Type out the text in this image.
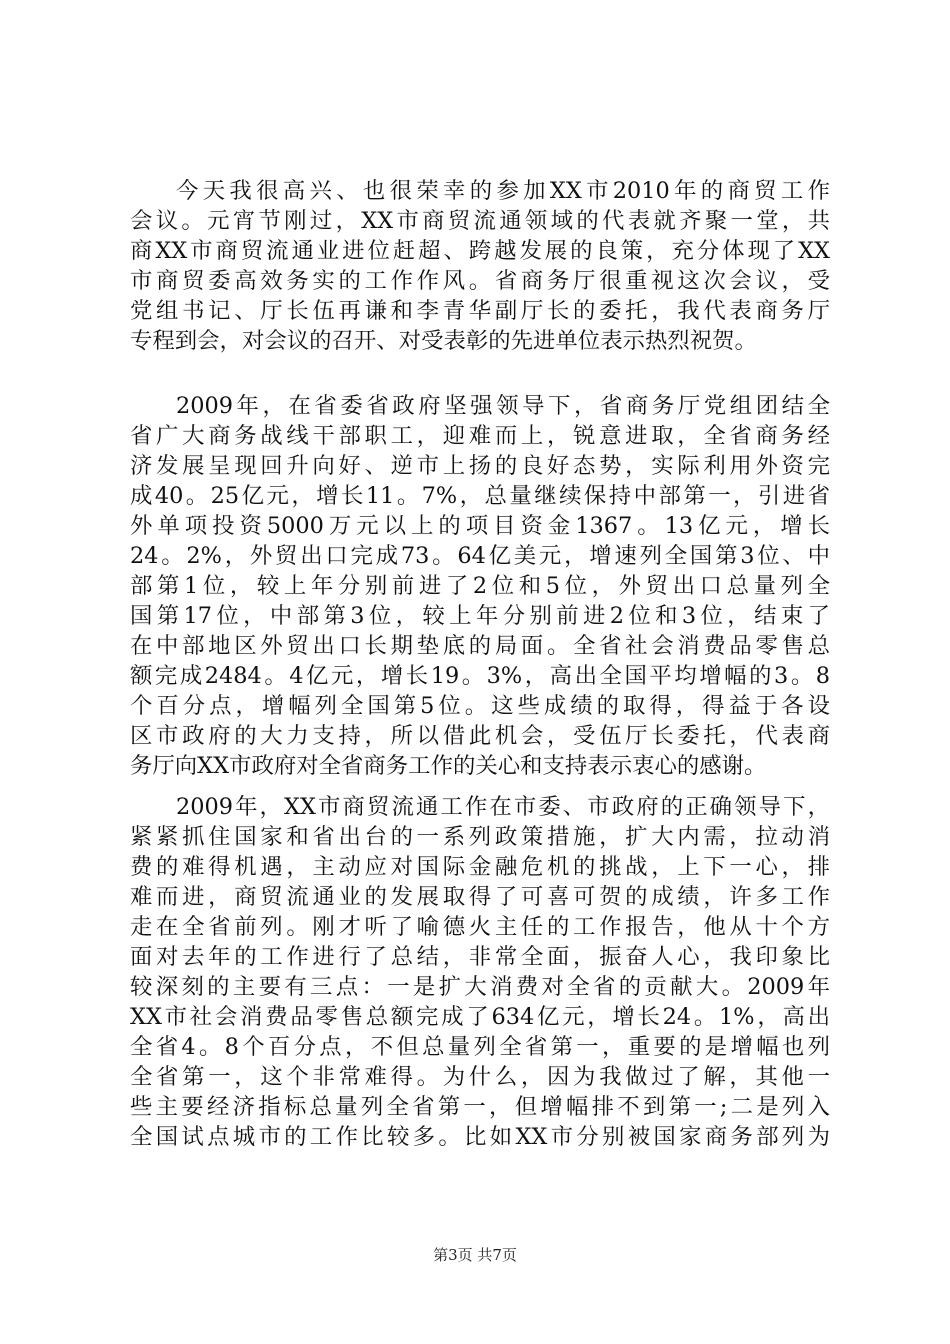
今天我很高兴、也很荣幸的参加XX市2010年的商贸工作
会议。元宵节刚过，XX市商贸流通领域的代表就齐聚一堂，共
商XX市商贸流通业进位赶超、跨越发展的良策，充分体现了XX
市商贸委高效务实的工作作风。省商务厅很重视这次会议，受
党组书记、厅长伍再谦和李青华副厅长的委托，我代表商务厅
专程到会，对会议的召开、对受表彰的先进单位表示热烈祝贺。
2009年，在省委省政府坚强领导下，省商务厅党组团结全
省广大商务战线干部职工，迎难而上，锐意进取，全省商务经
济发展呈现回升向好、逆市上扬的良好态势，实际利用外资完
成40。25亿元，增长11。7%，总量继续保持中部第一，引进省
外单项投资5000万元以上的项目资金1367。13亿元，增长
24。2%，外贸出口完成73。64亿美元，增速列全国第3位、中
部第1位，较上年分别前进了2位和5位，外贸出口总量列全
国第17位，中部第3位，较上年分别前进2位和3位，结束了
在中部地区外贸出口长期垫底的局面。全省社会消费品零售总
额完成2484。4亿元，增长19。3%，高出全国平均增幅的3。8
个百分点，增幅列全国第5位。这些成绩的取得，得益于各设
区市政府的大力支持，所以借此机会，受伍厅长委托，代表商
务厅向XX市政府对全省商务工作的关心和支持表示衷心的感谢。
2009年，XX市商贸流通工作在市委、市政府的正确领导下，
紧紧抓住国家和省出台的一系列政策措施，扩大内需，拉动消
费的难得机遇，主动应对国际金融危机的挑战，上下一心，排
难而进，商贸流通业的发展取得了可喜可贺的成绩，许多工作
走在全省前列。刚才听了喻德火主任的工作报告，他从十个方
面对去年的工作进行了总结，非常全面，振奋人心，我印象比
较深刻的主要有三点：一是扩大消费对全省的贡献大。2009年
XX市社会消费品零售总额完成了634亿元，增长24。1%，高出
全省4。8个百分点，不但总量列全省第一，重要的是增幅也列
全省第一，这个非常难得。为什么，因为我做过了解，其他一
些主要经济指标总量列全省第一，但增幅排不到第一;二是列入
全国试点城市的工作比较多。比如XX市分别被国家商务部列为
第3页 共7页
